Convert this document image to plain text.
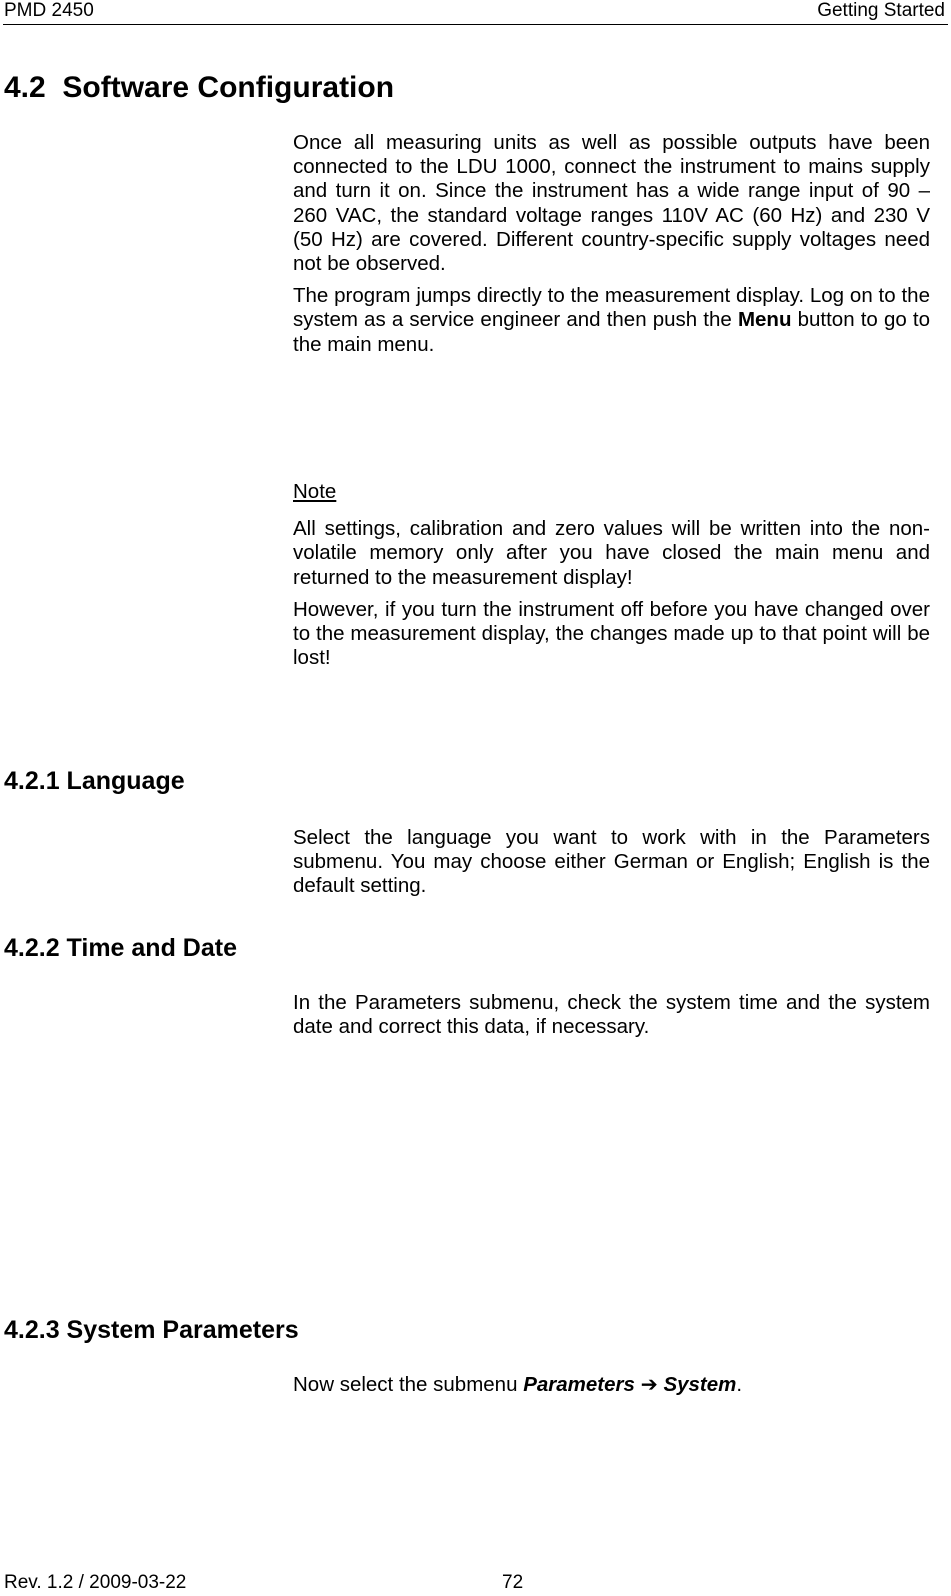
PMD 2450	Getting Started
4.2 Software Configuration

Once all measuring units as well as possible outputs have been connected to the LDU 1000, connect the instrument to mains supply and turn it on. Since the instrument has a wide range input of 90 – 260 VAC, the standard voltage ranges 110V AC (60 Hz) and 230 V (50 Hz) are covered. Different country-specific supply voltages need not be observed.

The program jumps directly to the measurement display. Log on to the system as a service engineer and then push the Menu button to go to the main menu.

Note

All settings, calibration and zero values will be written into the non-volatile memory only after you have closed the main menu and returned to the measurement display!

However, if you turn the instrument off before you have changed over to the measurement display, the changes made up to that point will be lost!

4.2.1 Language

Select the language you want to work with in the Parameters submenu. You may choose either German or English; English is the default setting.

4.2.2 Time and Date

In the Parameters submenu, check the system time and the system date and correct this data, if necessary.

4.2.3 System Parameters

Now select the submenu Parameters ➔ System.

Rev. 1.2 / 2009-03-22	72
